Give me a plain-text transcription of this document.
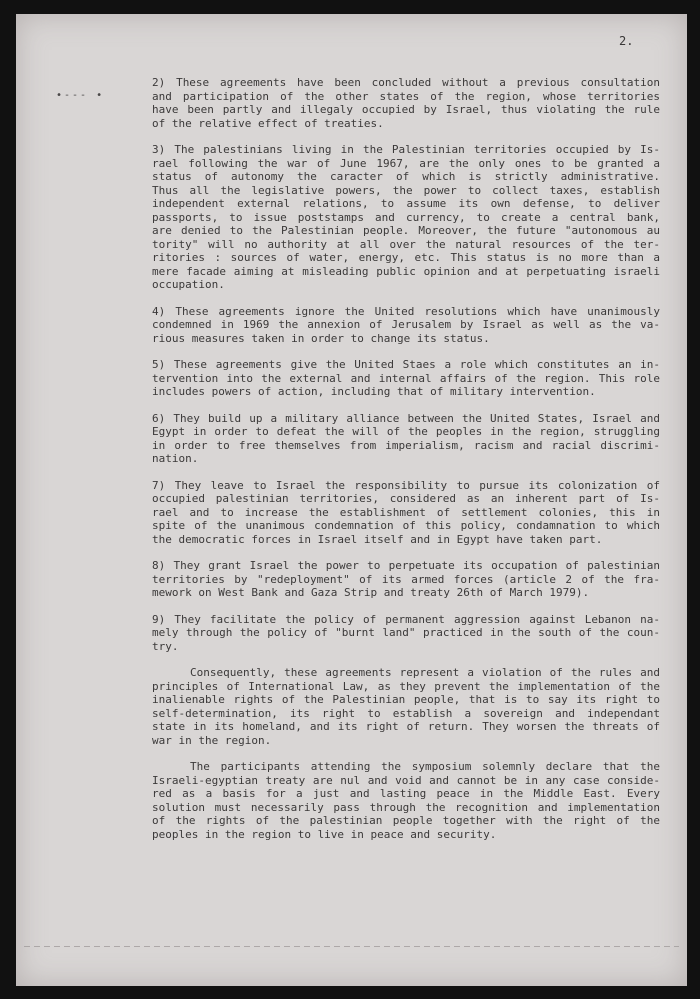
2.
•--- •
2) These agreements have been concluded without a previous consultation
and participation of the other states of the region, whose territories
have been partly and illegaly occupied by Israel, thus violating the rule
of the relative effect of treaties.
3) The palestinians living in the Palestinian territories occupied by Is-
rael following the war of June 1967, are the only ones to be granted a
status of autonomy the caracter of which is strictly administrative.
Thus all the legislative powers, the power to collect taxes, establish
independent external relations, to assume its own defense, to deliver
passports, to issue poststamps and currency, to create a central bank,
are denied to the Palestinian people. Moreover, the future "autonomous au
tority" will no authority at all over the natural resources of the ter-
ritories : sources of water, energy, etc. This status is no more than a
mere facade aiming at misleading public opinion and at perpetuating israeli
occupation.
4) These agreements ignore the United resolutions which have unanimously
condemned in 1969 the annexion of Jerusalem by Israel as well as the va-
rious measures taken in order to change its status.
5) These agreements give the United Staes a role which constitutes an in-
tervention into the external and internal affairs of the region. This role
includes powers of action, including that of military intervention.
6) They build up a military alliance between the United States, Israel and
Egypt in order to defeat the will of the peoples in the region, struggling
in order to free themselves from imperialism, racism and racial discrimi-
nation.
7) They leave to Israel the responsibility to pursue its colonization of
occupied palestinian territories, considered as an inherent part of Is-
rael and to increase the establishment of settlement colonies, this in
spite of the unanimous condemnation of this policy, condamnation to which
the democratic forces in Israel itself and in Egypt have taken part.
8) They grant Israel the power to perpetuate its occupation of palestinian
territories by "redeployment" of its armed forces (article 2 of the fra-
mework on West Bank and Gaza Strip and treaty 26th of March 1979).
9) They facilitate the policy of permanent aggression against Lebanon na-
mely through the policy of "burnt land" practiced in the south of the coun-
try.
Consequently, these agreements represent a violation of the rules and
principles of International Law, as they prevent the implementation of the
inalienable rights of the Palestinian people, that is to say its right to
self-determination, its right to establish a sovereign and independant
state in its homeland, and its right of return. They worsen the threats of
war in the region.
The participants attending the symposium solemnly declare that the
Israeli-egyptian treaty are nul and void and cannot be in any case conside-
red as a basis for a just and lasting peace in the Middle East. Every
solution must necessarily pass through the recognition and implementation
of the rights of the palestinian people together with the right of the
peoples in the region to live in peace and security.
